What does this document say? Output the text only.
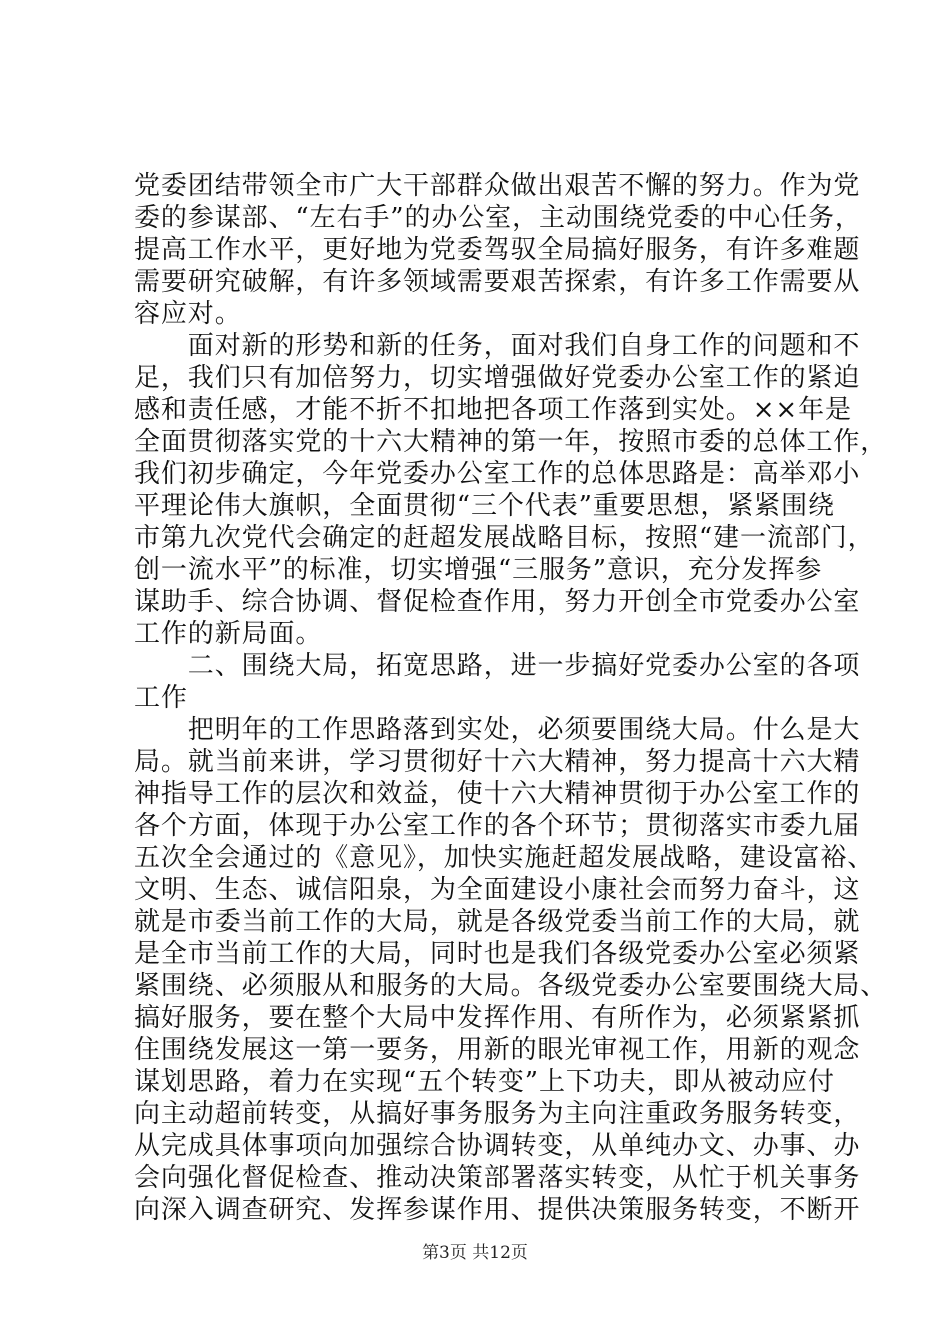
党委团结带领全市广大干部群众做出艰苦不懈的努力。作为党
委的参谋部、“左右手”的办公室，主动围绕党委的中心任务，
提高工作水平，更好地为党委驾驭全局搞好服务，有许多难题
需要研究破解，有许多领域需要艰苦探索，有许多工作需要从
容应对。
　　面对新的形势和新的任务，面对我们自身工作的问题和不
足，我们只有加倍努力，切实增强做好党委办公室工作的紧迫
感和责任感，才能不折不扣地把各项工作落到实处。××年是
全面贯彻落实党的十六大精神的第一年，按照市委的总体工作，
我们初步确定，今年党委办公室工作的总体思路是：高举邓小
平理论伟大旗帜，全面贯彻“三个代表”重要思想，紧紧围绕
市第九次党代会确定的赶超发展战略目标，按照“建一流部门，
创一流水平”的标准，切实增强“三服务”意识，充分发挥参
谋助手、综合协调、督促检查作用，努力开创全市党委办公室
工作的新局面。
　　二、围绕大局，拓宽思路，进一步搞好党委办公室的各项
工作
　　把明年的工作思路落到实处，必须要围绕大局。什么是大
局。就当前来讲，学习贯彻好十六大精神，努力提高十六大精
神指导工作的层次和效益，使十六大精神贯彻于办公室工作的
各个方面，体现于办公室工作的各个环节；贯彻落实市委九届
五次全会通过的《意见》，加快实施赶超发展战略，建设富裕、
文明、生态、诚信阳泉，为全面建设小康社会而努力奋斗，这
就是市委当前工作的大局，就是各级党委当前工作的大局，就
是全市当前工作的大局，同时也是我们各级党委办公室必须紧
紧围绕、必须服从和服务的大局。各级党委办公室要围绕大局、
搞好服务，要在整个大局中发挥作用、有所作为，必须紧紧抓
住围绕发展这一第一要务，用新的眼光审视工作，用新的观念
谋划思路，着力在实现“五个转变”上下功夫，即从被动应付
向主动超前转变，从搞好事务服务为主向注重政务服务转变，
从完成具体事项向加强综合协调转变，从单纯办文、办事、办
会向强化督促检查、推动决策部署落实转变，从忙于机关事务
向深入调查研究、发挥参谋作用、提供决策服务转变，不断开
第3页 共12页
